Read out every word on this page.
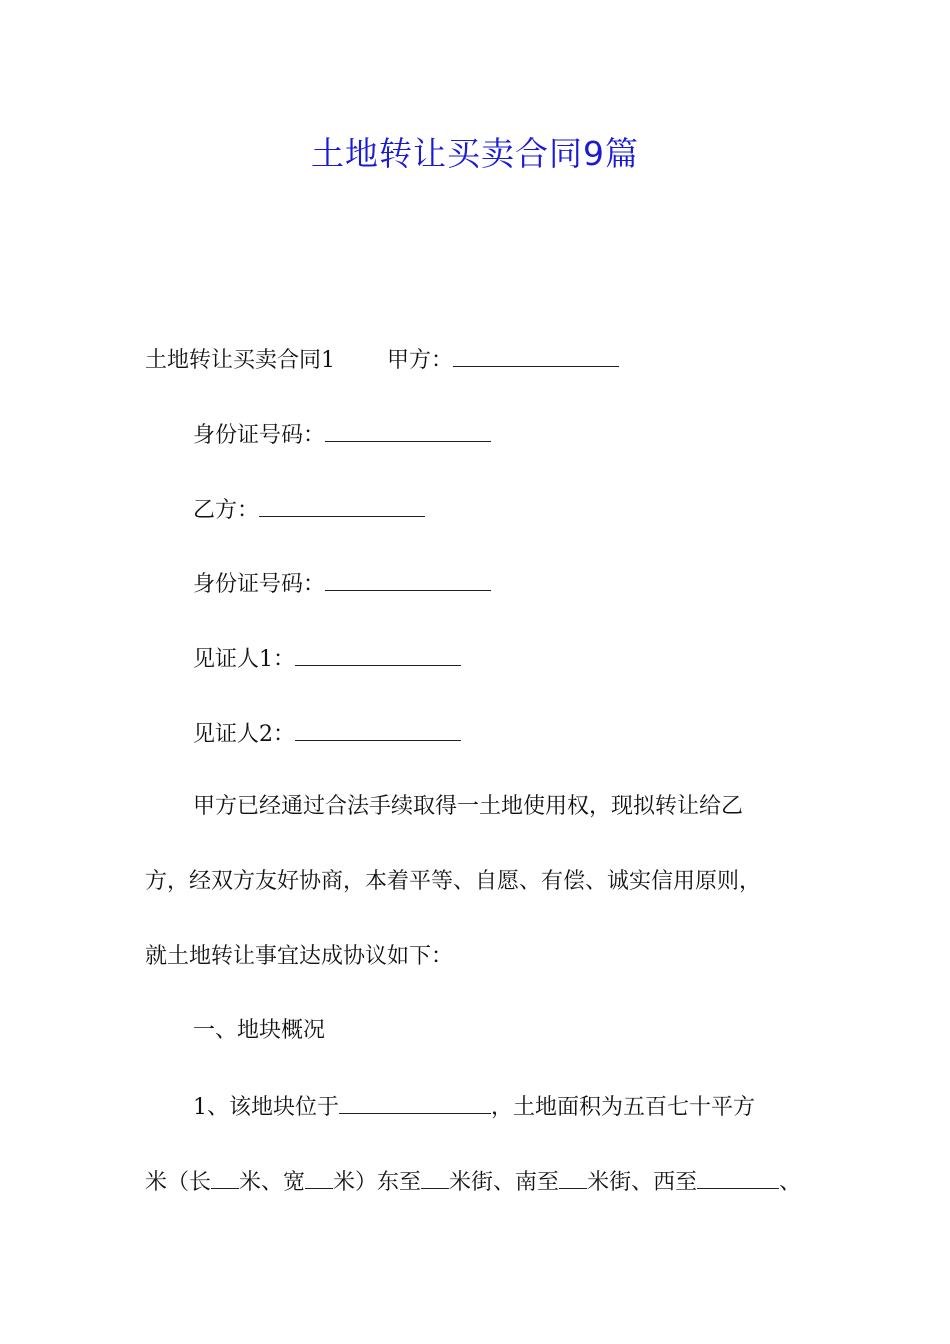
土地转让买卖合同9篇
土地转让买卖合同1 甲方：
身份证号码：
乙方：
身份证号码：
见证人1：
见证人2：
甲方已经通过合法手续取得一土地使用权，现拟转让给乙
方，经双方友好协商，本着平等、自愿、有偿、诚实信用原则，
就土地转让事宜达成协议如下：
一、地块概况
1、该地块位于	，土地面积为五百七十平方
米（长 米、宽 米）东至 米街、南至 米街、西至	、
